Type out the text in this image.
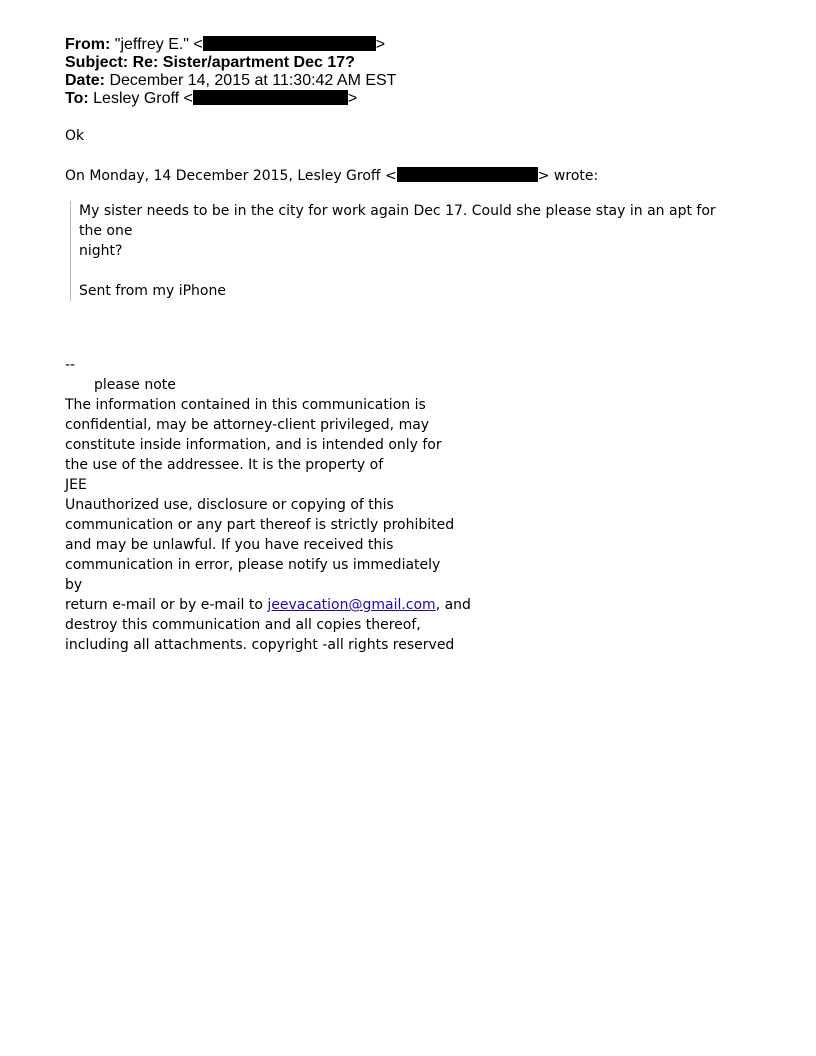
From: "jeffrey E." <	>
Subject: Re: Sister/apartment Dec 17?
Date: December 14, 2015 at 11:30:42 AM EST
To: Lesley Groff <	>
Ok
On Monday, 14 December 2015, Lesley Groff <	> wrote:
My sister needs to be in the city for work again Dec 17. Could she please stay in an apt for the one
night?
Sent from my iPhone
--
please note
The information contained in this communication is
confidential, may be attorney-client privileged, may
constitute inside information, and is intended only for
the use of the addressee. It is the property of
JEE
Unauthorized use, disclosure or copying of this
communication or any part thereof is strictly prohibited
and may be unlawful. If you have received this
communication in error, please notify us immediately by
return e-mail or by e-mail to jeevacation@gmail.com, and
destroy this communication and all copies thereof,
including all attachments. copyright -all rights reserved
